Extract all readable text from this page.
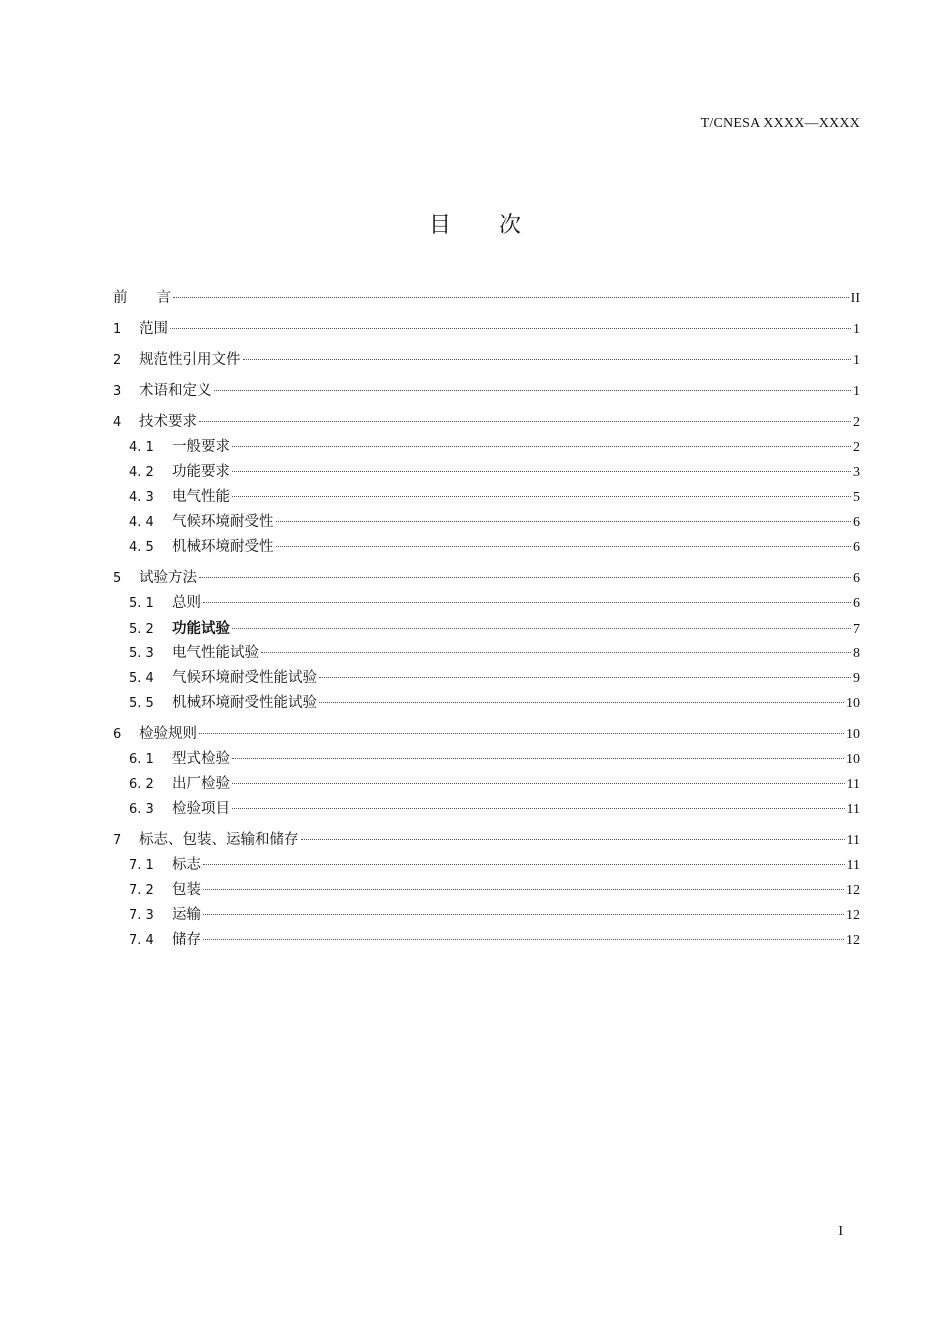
T/CNESA XXXX—XXXX
目 次
前　　言	II
1	范围	1
2	规范性引用文件	1
3	术语和定义	1
4	技术要求	2
4. 1	一般要求	2
4. 2	功能要求	3
4. 3	电气性能	5
4. 4	气候环境耐受性	6
4. 5	机械环境耐受性	6
5	试验方法	6
5. 1	总则	6
5. 2	功能试验	7
5. 3	电气性能试验	8
5. 4	气候环境耐受性能试验	9
5. 5	机械环境耐受性能试验	10
6	检验规则	10
6. 1	型式检验	10
6. 2	出厂检验	11
6. 3	检验项目	11
7	标志、包装、运输和储存	11
7. 1	标志	11
7. 2	包装	12
7. 3	运输	12
7. 4	储存	12
I
